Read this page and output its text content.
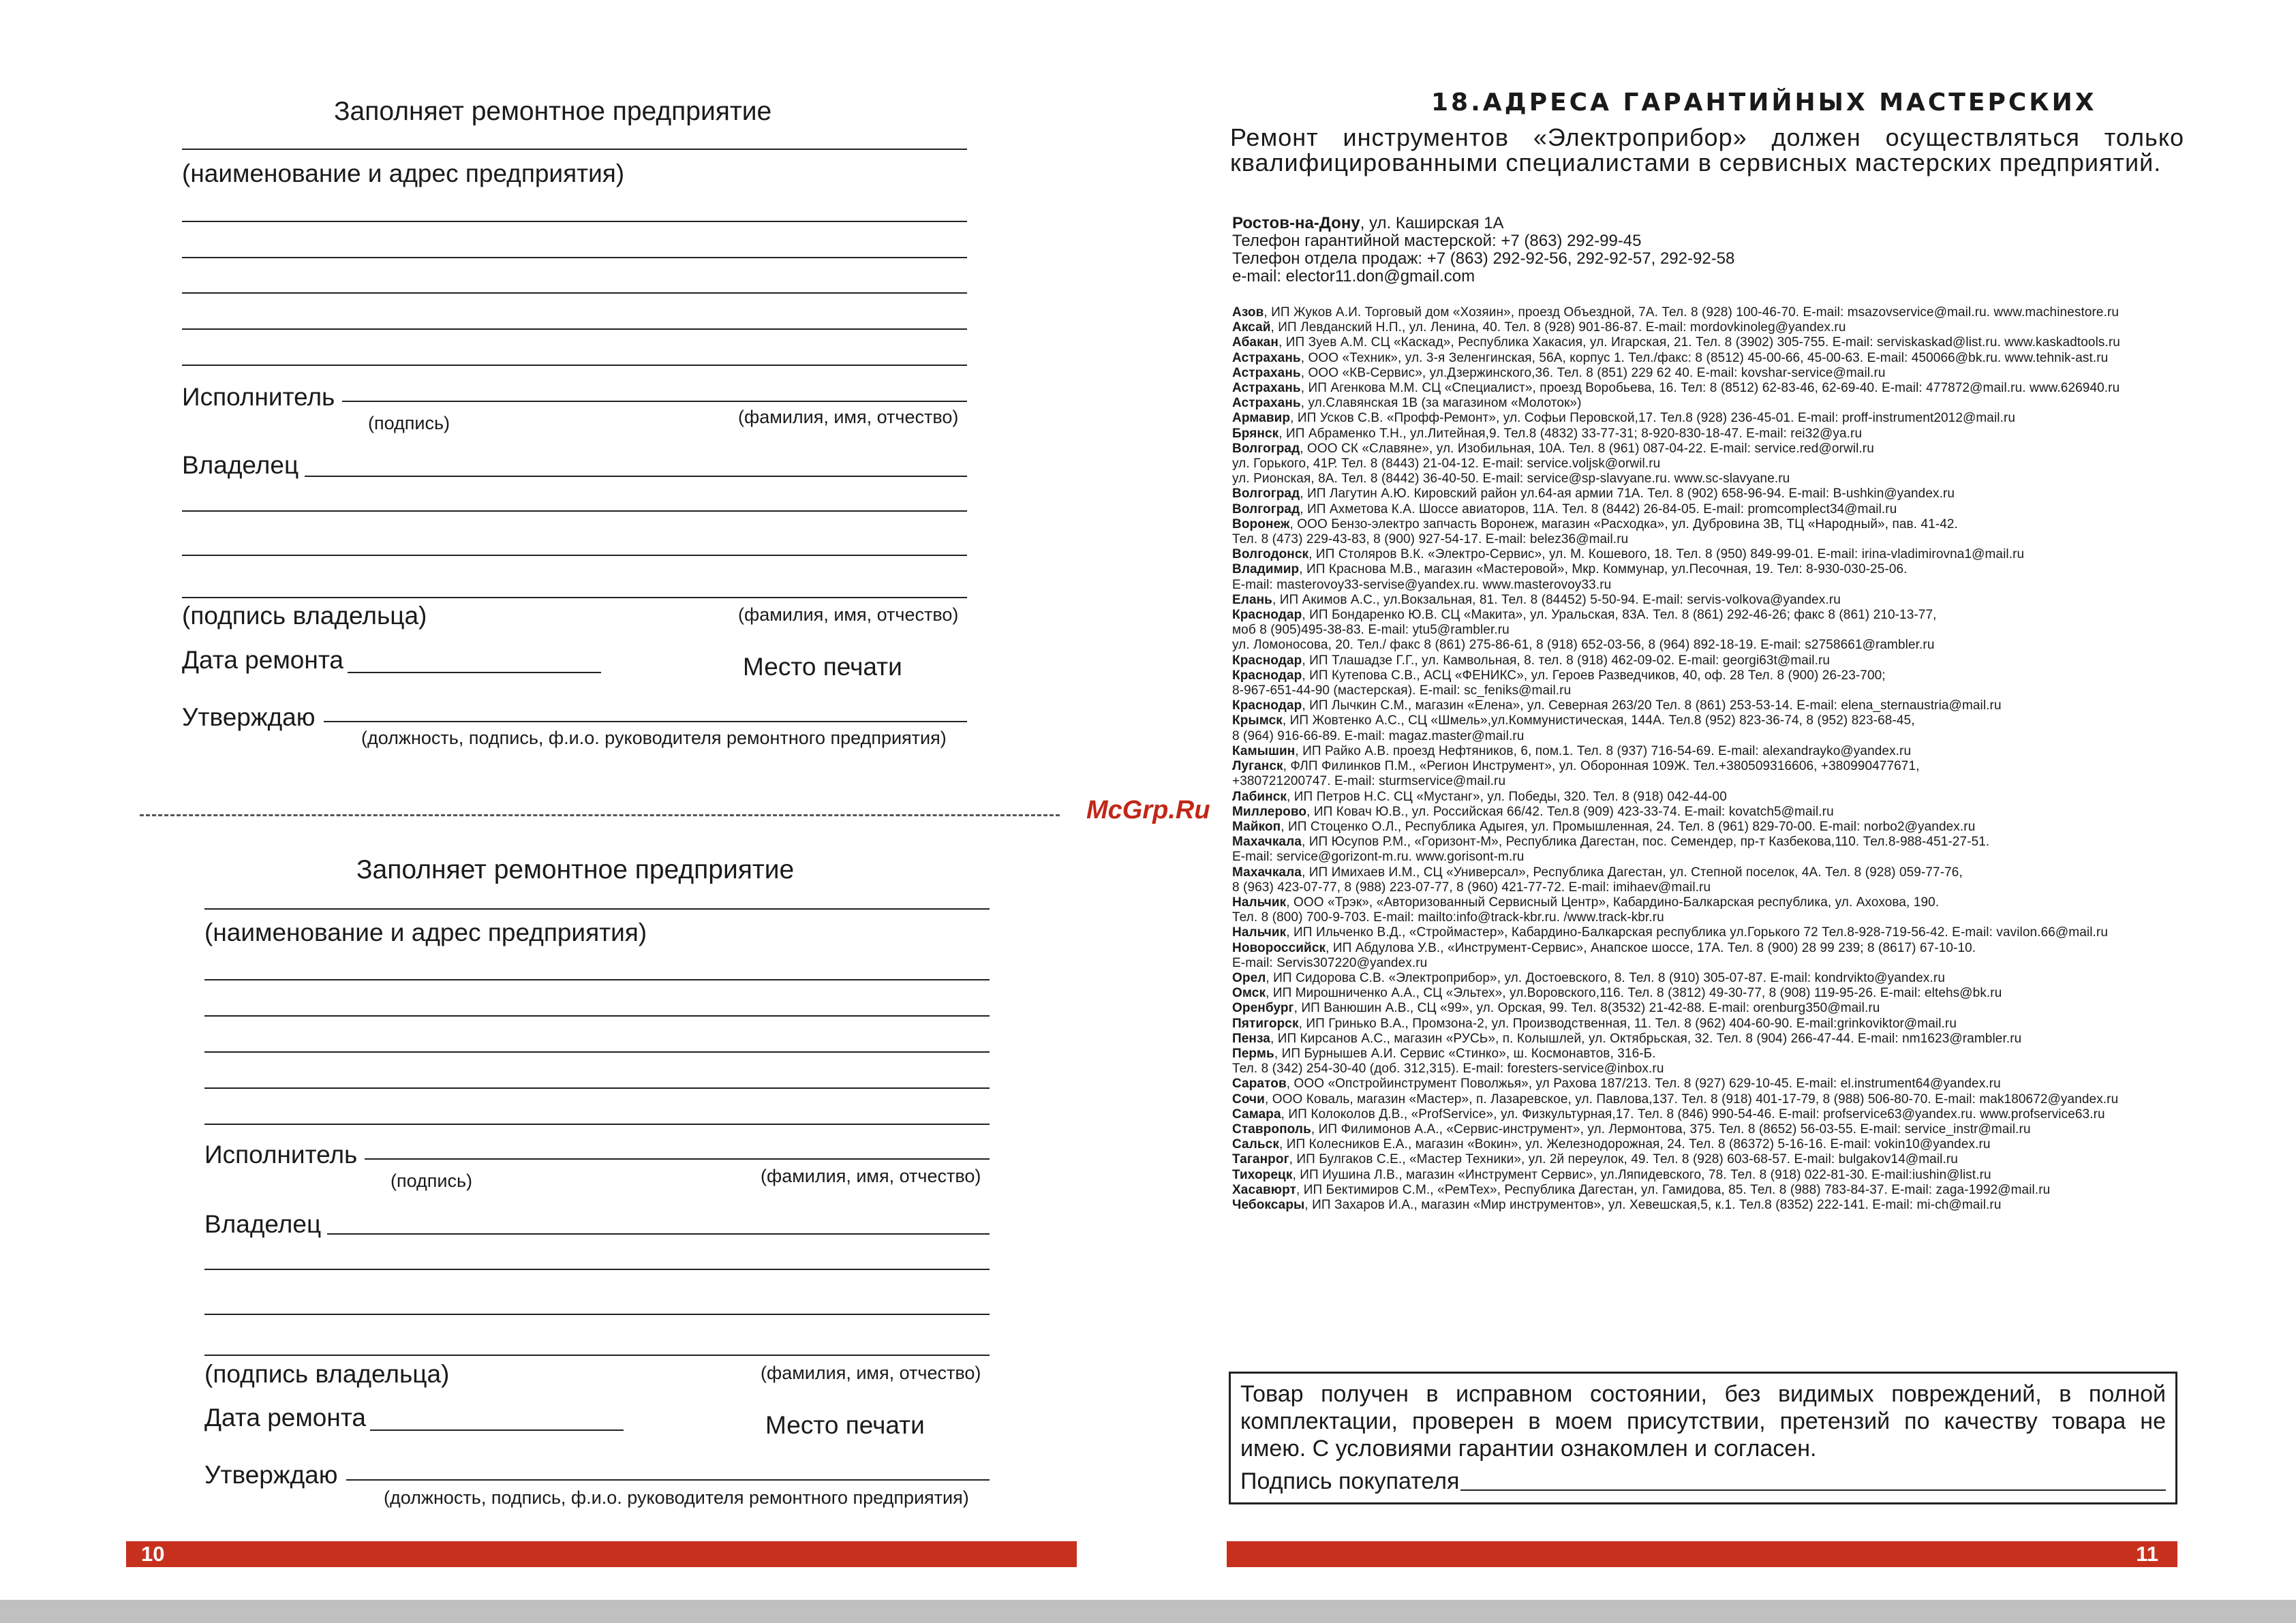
Заполняет ремонтное предприятие
(наименование и адрес предприятия)
Исполнитель
(подпись)	(фамилия, имя, отчество)
Владелец
(подпись владельца)	(фамилия, имя, отчество)
Дата ремонта	Место печати
Утверждаю
(должность, подпись, ф.и.о. руководителя ремонтного предприятия)
Заполняет ремонтное предприятие
(наименование и адрес предприятия)
Исполнитель
(подпись)	(фамилия, имя, отчество)
Владелец
(подпись владельца)	(фамилия, имя, отчество)
Дата ремонта	Место печати
Утверждаю
(должность, подпись, ф.и.о. руководителя ремонтного предприятия)
10
McGrp.Ru
18.АДРЕСА ГАРАНТИЙНЫХ МАСТЕРСКИХ
Ремонт инструментов «Электроприбор» должен осуществляться только квалифицированными специалистами в сервисных мастерских предприятий.
Ростов-на-Дону, ул. Каширская 1А
Телефон гарантийной мастерской: +7 (863) 292-99-45
Телефон отдела продаж: +7 (863) 292-92-56, 292-92-57, 292-92-58
e-mail: elector11.don@gmail.com
Азов, ИП Жуков А.И. Торговый дом «Хозяин», проезд Объездной, 7А. Тел. 8 (928) 100-46-70. E-mail: msazovservice@mail.ru. www.machinestore.ru
Аксай, ИП Левданский Н.П., ул. Ленина, 40. Тел. 8 (928) 901-86-87. E-mail: mordovkinoleg@yandex.ru
Абакан, ИП Зуев А.М. СЦ «Каскад», Республика Хакасия, ул. Игарская, 21. Тел. 8 (3902) 305-755. E-mail: serviskaskad@list.ru. www.kaskadtools.ru
Астрахань, ООО «Техник», ул. 3-я Зеленгинская, 56А, корпус 1. Тел./факс: 8 (8512) 45-00-66, 45-00-63. E-mail: 450066@bk.ru. www.tehnik-ast.ru
Астрахань, ООО «КВ-Сервис», ул.Дзержинского,36. Тел. 8 (851) 229 62 40. E-mail: kovshar-service@mail.ru
Астрахань, ИП Агенкова М.М. СЦ «Специалист», проезд Воробьева, 16. Тел: 8 (8512) 62-83-46, 62-69-40. E-mail: 477872@mail.ru. www.626940.ru
Астрахань, ул.Славянская 1В (за магазином «Молоток»)
Армавир, ИП Усков С.В. «Профф-Ремонт», ул. Софьи Перовской,17. Тел.8 (928) 236-45-01. E-mail: proff-instrument2012@mail.ru
Брянск, ИП Абраменко Т.Н., ул.Литейная,9. Тел.8 (4832) 33-77-31; 8-920-830-18-47. E-mail: rei32@ya.ru
Волгоград, ООО СК «Славяне», ул. Изобильная, 10А. Тел. 8 (961) 087-04-22. E-mail: service.red@orwil.ru
ул. Горького, 41Р. Тел. 8 (8443) 21-04-12. E-mail: service.voljsk@orwil.ru
ул. Рионская, 8А. Тел. 8 (8442) 36-40-50. E-mail: service@sp-slavyane.ru. www.sc-slavyane.ru
Волгоград, ИП Лагутин А.Ю. Кировский район ул.64-ая армии 71А. Тел. 8 (902) 658-96-94. E-mail: B-ushkin@yandex.ru
Волгоград, ИП Ахметова К.А. Шоссе авиаторов, 11А. Тел. 8 (8442) 26-84-05. E-mail: promcomplect34@mail.ru
Воронеж, ООО Бензо-электро запчасть Воронеж, магазин «Расходка», ул. Дубровина 3В, ТЦ «Народный», пав. 41-42.
Тел. 8 (473) 229-43-83, 8 (900) 927-54-17. E-mail: belez36@mail.ru
Волгодонск, ИП Столяров В.К. «Электро-Сервис», ул. М. Кошевого, 18. Тел. 8 (950) 849-99-01. E-mail: irina-vladimirovna1@mail.ru
Владимир, ИП Краснова М.В., магазин «Мастеровой», Мкр. Коммунар, ул.Песочная, 19. Тел: 8-930-030-25-06.
E-mail: masterovoy33-servise@yandex.ru. www.masterovoy33.ru
Елань, ИП Акимов А.С., ул.Вокзальная, 81. Тел. 8 (84452) 5-50-94. E-mail: servis-volkova@yandex.ru
Краснодар, ИП Бондаренко Ю.В. СЦ «Макита», ул. Уральская, 83А. Тел. 8 (861) 292-46-26; факс 8 (861) 210-13-77,
моб 8 (905)495-38-83. E-mail: ytu5@rambler.ru
ул. Ломоносова, 20. Тел./ факс 8 (861) 275-86-61, 8 (918) 652-03-56, 8 (964) 892-18-19. E-mail: s2758661@rambler.ru
Краснодар, ИП Тлашадзе Г.Г., ул. Камвольная, 8. тел. 8 (918) 462-09-02. E-mail: georgi63t@mail.ru
Краснодар, ИП Кутепова С.В., АСЦ «ФЕНИКС», ул. Героев Разведчиков, 40, оф. 28 Тел. 8 (900) 26-23-700;
8-967-651-44-90 (мастерская). E-mail: sc_feniks@mail.ru
Краснодар, ИП Лычкин С.М., магазин «Елена», ул. Северная 263/20 Тел. 8 (861) 253-53-14. E-mail: elena_sternaustria@mail.ru
Крымск, ИП Жовтенко А.С., СЦ «Шмель»,ул.Коммунистическая, 144А. Тел.8 (952) 823-36-74, 8 (952) 823-68-45,
8 (964) 916-66-89. E-mail: magaz.master@mail.ru
Камышин, ИП Райко А.В. проезд Нефтяников, 6, пом.1. Тел. 8 (937) 716-54-69. E-mail: alexandrayko@yandex.ru
Луганск, ФЛП Филинков П.М., «Регион Инструмент», ул. Оборонная 109Ж. Тел.+380509316606, +380990477671,
+380721200747. E-mail: sturmservice@mail.ru
Лабинск, ИП Петров Н.С. СЦ «Мустанг», ул. Победы, 320. Тел. 8 (918) 042-44-00
Миллерово, ИП Ковач Ю.В., ул. Российская 66/42. Тел.8 (909) 423-33-74. E-mail: kovatch5@mail.ru
Майкоп, ИП Стоценко О.Л., Республика Адыгея, ул. Промышленная, 24. Тел. 8 (961) 829-70-00. E-mail: norbo2@yandex.ru
Махачкала, ИП Юсупов Р.М., «Горизонт-М», Республика Дагестан, пос. Семендер, пр-т Казбекова,110. Тел.8-988-451-27-51.
E-mail: service@gorizont-m.ru. www.gorisont-m.ru
Махачкала, ИП Имихаев И.М., СЦ «Универсал», Республика Дагестан, ул. Степной поселок, 4А. Тел. 8 (928) 059-77-76,
8 (963) 423-07-77, 8 (988) 223-07-77, 8 (960) 421-77-72. E-mail: imihaev@mail.ru
Нальчик, ООО «Трэк», «Авторизованный Сервисный Центр», Кабардино-Балкарская республика, ул. Ахохова, 190.
Тел. 8 (800) 700-9-703. E-mail: mailto:info@track-kbr.ru. /www.track-kbr.ru
Нальчик, ИП Ильченко В.Д., «Строймастер», Кабардино-Балкарская республика ул.Горького 72 Тел.8-928-719-56-42. E-mail: vavilon.66@mail.ru
Новороссийск, ИП Абдулова У.В., «Инструмент-Сервис», Анапское шоссе, 17А. Тел. 8 (900) 28 99 239; 8 (8617) 67-10-10.
E-mail: Servis307220@yandex.ru
Орел, ИП Сидорова С.В. «Электроприбор», ул. Достоевского, 8. Тел. 8 (910) 305-07-87. E-mail: kondrvikto@yandex.ru
Омск, ИП Мирошниченко А.А., СЦ «Эльтех», ул.Воровского,116. Тел. 8 (3812) 49-30-77, 8 (908) 119-95-26. E-mail: eltehs@bk.ru
Оренбург, ИП Ванюшин А.В., СЦ «99», ул. Орская, 99. Тел. 8(3532) 21-42-88. E-mail: orenburg350@mail.ru
Пятигорск, ИП Гринько В.А., Промзона-2, ул. Производственная, 11. Тел. 8 (962) 404-60-90. E-mail:grinkoviktor@mail.ru
Пенза, ИП Кирсанов А.С., магазин «РУСЬ», п. Колышлей, ул. Октябрьская, 32. Тел. 8 (904) 266-47-44. E-mail: nm1623@rambler.ru
Пермь, ИП Бурнышев А.И. Сервис «Стинко», ш. Космонавтов, 316-Б.
Тел. 8 (342) 254-30-40 (доб. 312,315). E-mail: foresters-service@inbox.ru
Саратов, ООО «Опстройинструмент Поволжья», ул Рахова 187/213. Тел. 8 (927) 629-10-45. E-mail: el.instrument64@yandex.ru
Сочи, ООО Коваль, магазин «Мастер», п. Лазаревское, ул. Павлова,137. Тел. 8 (918) 401-17-79, 8 (988) 506-80-70. E-mail: mak180672@yandex.ru
Самара, ИП Колоколов Д.В., «ProfService», ул. Физкультурная,17. Тел. 8 (846) 990-54-46. E-mail: profservice63@yandex.ru. www.profservice63.ru
Ставрополь, ИП Филимонов А.А., «Сервис-инструмент», ул. Лермонтова, 375. Тел. 8 (8652) 56-03-55. E-mail: service_instr@mail.ru
Сальск, ИП Колесников Е.А., магазин «Вокин», ул. Железнодорожная, 24. Тел. 8 (86372) 5-16-16. E-mail: vokin10@yandex.ru
Таганрог, ИП Булгаков С.Е., «Мастер Техники», ул. 2й переулок, 49. Тел. 8 (928) 603-68-57. E-mail: bulgakov14@mail.ru
Тихорецк, ИП Иушина Л.В., магазин «Инструмент Сервис», ул.Ляпидевского, 78. Тел. 8 (918) 022-81-30. E-mail:iushin@list.ru
Хасавюрт, ИП Бектимиров С.М., «РемТех», Республика Дагестан, ул. Гамидова, 85. Тел. 8 (988) 783-84-37. E-mail: zaga-1992@mail.ru
Чебоксары, ИП Захаров И.А., магазин «Мир инструментов», ул. Хевешская,5, к.1. Тел.8 (8352) 222-141. E-mail: mi-ch@mail.ru
Товар получен в исправном состоянии, без видимых повреждений, в полной комплектации, проверен в моем присутствии, претензий по качеству товара не имею. С условиями гарантии ознакомлен и согласен.
Подпись покупателя

11
